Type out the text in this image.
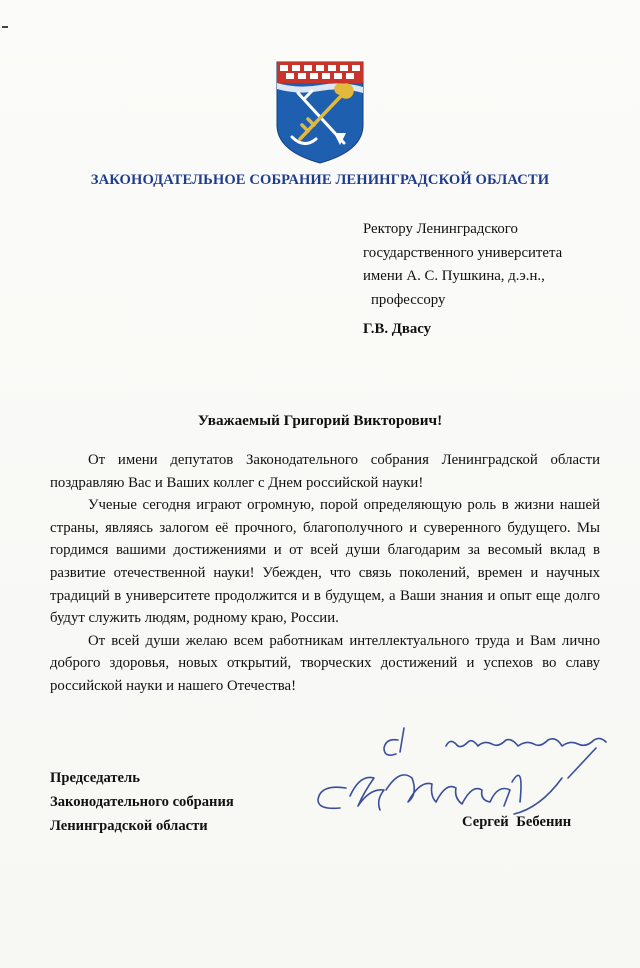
ЗАКОНОДАТЕЛЬНОЕ СОБРАНИЕ ЛЕНИНГРАДСКОЙ ОБЛАСТИ
Ректору Ленинградского
государственного университета
имени А. С. Пушкина, д.э.н.,
профессору
Г.В. Двасу
Уважаемый Григорий Викторович!

От имени депутатов Законодательного собрания Ленинградской области поздравляю Вас и Ваших коллег с Днем российской науки!

Ученые сегодня играют огромную, порой определяющую роль в жизни нашей страны, являясь залогом её прочного, благополучного и суверенного будущего. Мы гордимся вашими достижениями и от всей души благодарим за весомый вклад в развитие отечественной науки! Убежден, что связь поколений, времен и научных традиций в университете продолжится и в будущем, а Ваши знания и опыт еще долго будут служить людям, родному краю, России.

От всей души желаю всем работникам интеллектуального труда и Вам лично доброго здоровья, новых открытий, творческих достижений и успехов во славу российской науки и нашего Отечества!

С уважением
Председатель
Законодательного собрания
Ленинградской области	Сергей Бебенин
